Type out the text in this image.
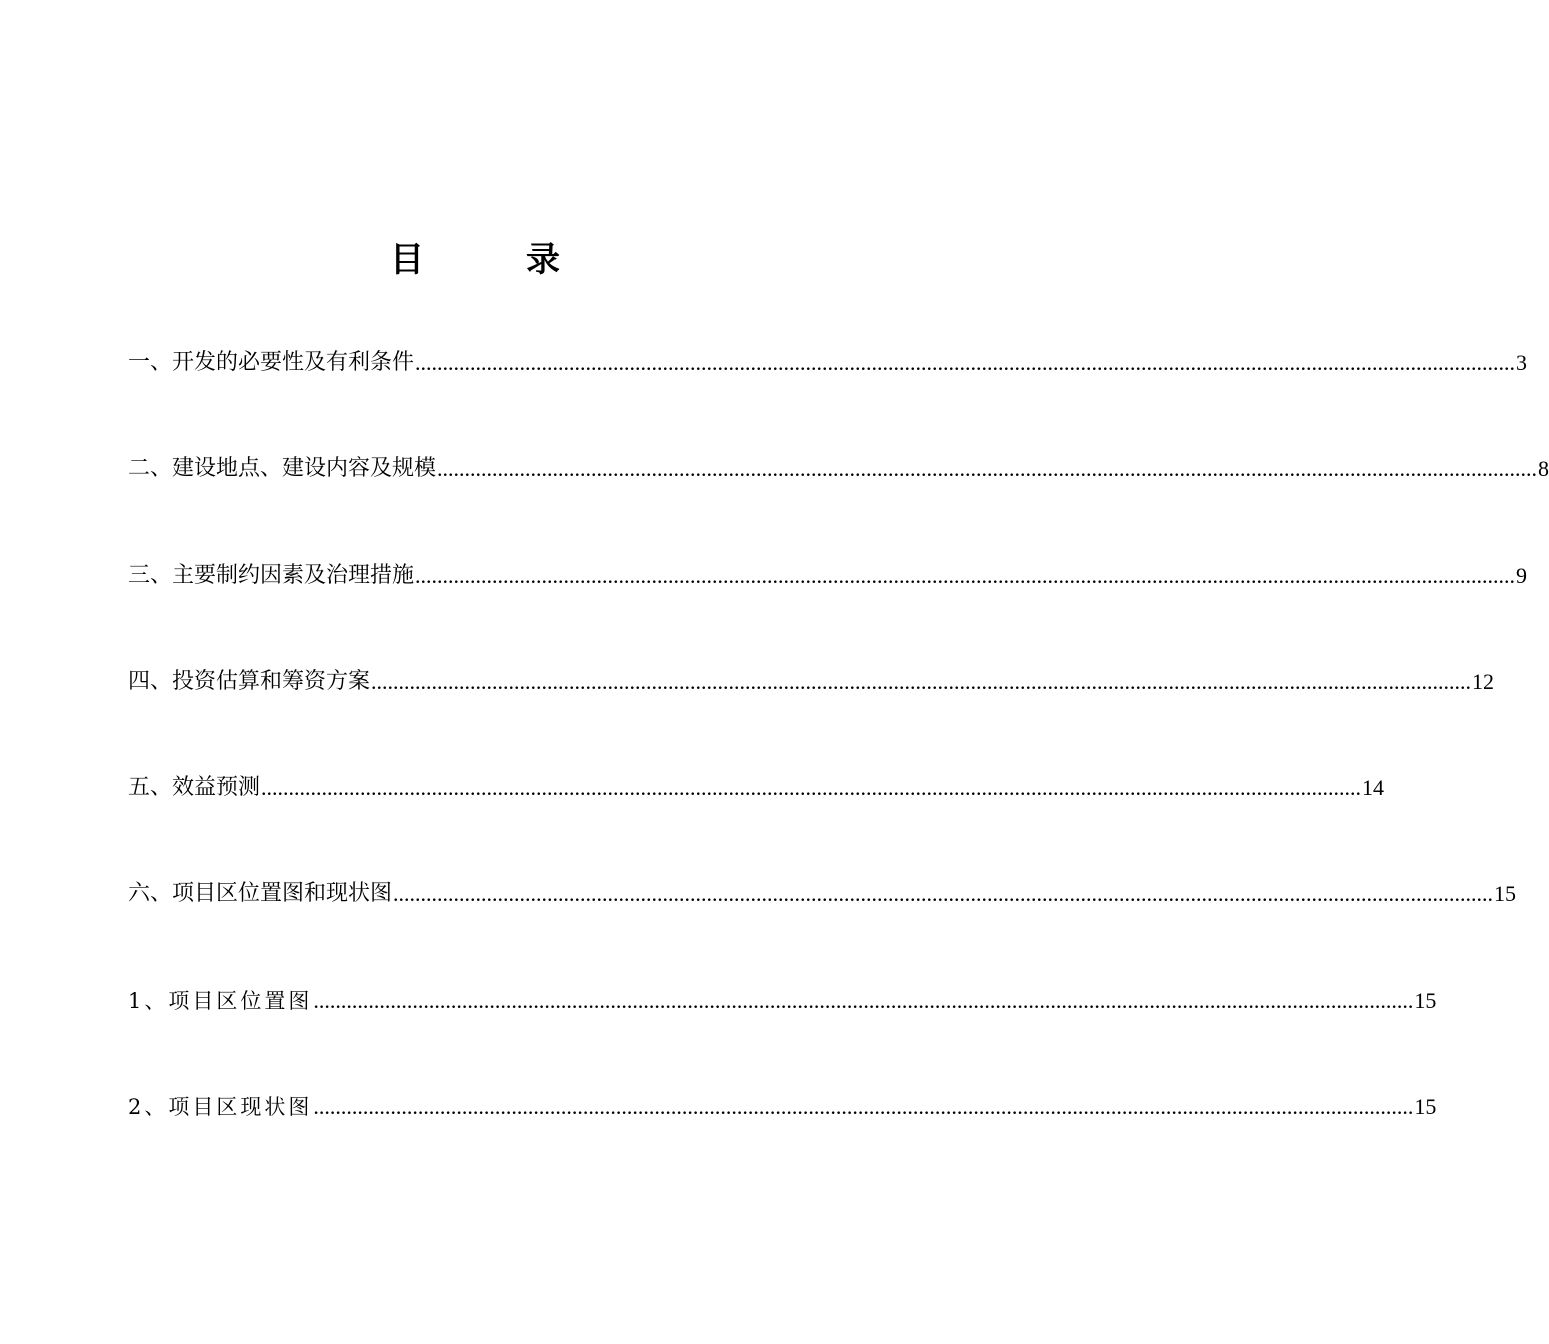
目　录
一、开发的必要性及有利条件 ........................................................................................................................................................................................................ 3
二、建设地点、建设内容及规模 ........................................................................................................................................................................................................ 8
三、主要制约因素及治理措施 ........................................................................................................................................................................................................ 9
四、投资估算和筹资方案 ........................................................................................................................................................................................................ 12
五、效益预测 ........................................................................................................................................................................................................ 14
六、项目区位置图和现状图 ........................................................................................................................................................................................................ 15
1、项目区位置图 ........................................................................................................................................................................................................ 15
2、项目区现状图 ........................................................................................................................................................................................................ 15
